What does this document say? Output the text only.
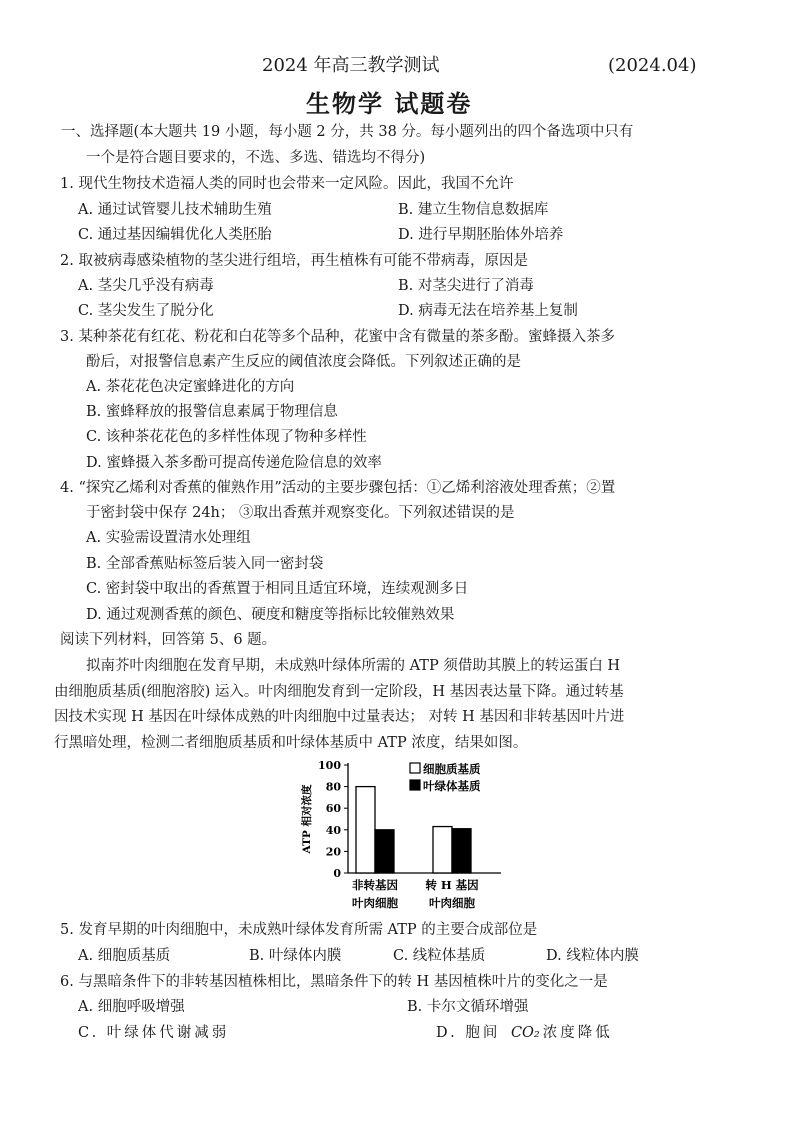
2024 年高三教学测试	(2024.04)
生物学 试题卷
一、选择题(本大题共 19 小题，每小题 2 分，共 38 分。每小题列出的四个备选项中只有
一个是符合题目要求的，不选、多选、错选均不得分)
1. 现代生物技术造福人类的同时也会带来一定风险。因此，我国不允许
A. 通过试管婴儿技术辅助生殖	B. 建立生物信息数据库
C. 通过基因编辑优化人类胚胎	D. 进行早期胚胎体外培养
2. 取被病毒感染植物的茎尖进行组培，再生植株有可能不带病毒，原因是
A. 茎尖几乎没有病毒	B. 对茎尖进行了消毒
C. 茎尖发生了脱分化	D. 病毒无法在培养基上复制
3. 某种茶花有红花、粉花和白花等多个品种，花蜜中含有微量的茶多酚。蜜蜂摄入茶多
酚后，对报警信息素产生反应的阈值浓度会降低。下列叙述正确的是
A. 茶花花色决定蜜蜂进化的方向
B. 蜜蜂释放的报警信息素属于物理信息
C. 该种茶花花色的多样性体现了物种多样性
D. 蜜蜂摄入茶多酚可提高传递危险信息的效率
4. “探究乙烯利对香蕉的催熟作用”活动的主要步骤包括：①乙烯利溶液处理香蕉；②置
于密封袋中保存 24h； ③取出香蕉并观察变化。下列叙述错误的是
A. 实验需设置清水处理组
B. 全部香蕉贴标签后装入同一密封袋
C. 密封袋中取出的香蕉置于相同且适宜环境，连续观测多日
D. 通过观测香蕉的颜色、硬度和糖度等指标比较催熟效果
阅读下列材料，回答第 5、6 题。
拟南芥叶肉细胞在发育早期，未成熟叶绿体所需的 ATP 须借助其膜上的转运蛋白 H
由细胞质基质(细胞溶胶) 运入。叶肉细胞发育到一定阶段，H 基因表达量下降。通过转基
因技术实现 H 基因在叶绿体成熟的叶肉细胞中过量表达； 对转 H 基因和非转基因叶片进
行黑暗处理，检测二者细胞质基质和叶绿体基质中 ATP 浓度，结果如图。
100
80
60
40
20
0
ATP 相对浓度
非转基因
叶肉细胞
转 H 基因
叶肉细胞
细胞质基质
叶绿体基质
5. 发育早期的叶肉细胞中，未成熟叶绿体发育所需 ATP 的主要合成部位是
A. 细胞质基质	B. 叶绿体内膜	C. 线粒体基质	D. 线粒体内膜
6. 与黑暗条件下的非转基因植株相比，黑暗条件下的转 H 基因植株叶片的变化之一是
A. 细胞呼吸增强	B. 卡尔文循环增强
C. 叶绿体代谢减弱	D. 胞间 CO₂ 浓度降低
